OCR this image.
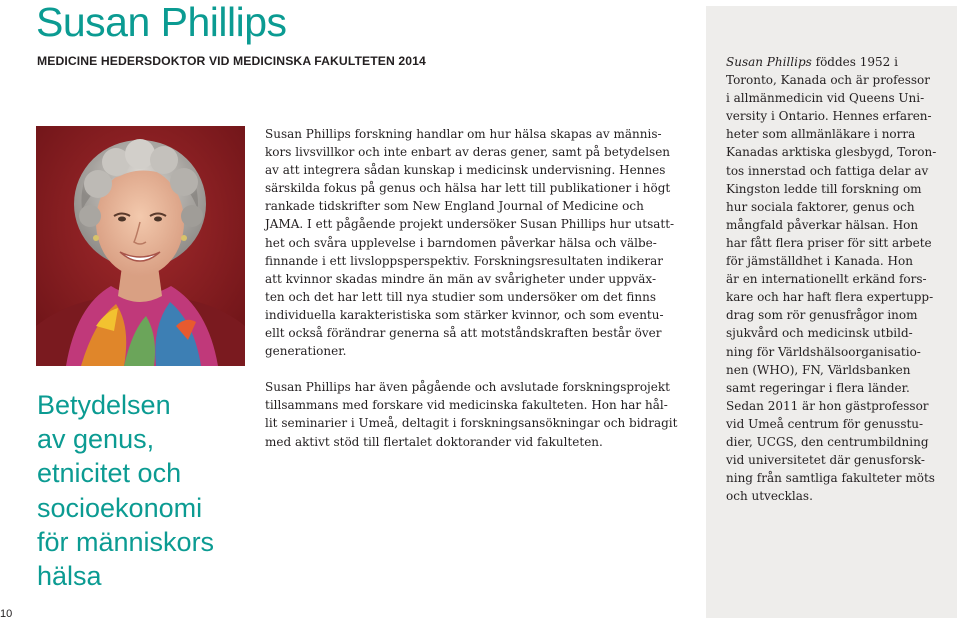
Susan Phillips
MEDICINE HEDERSDOKTOR VID MEDICINSKA FAKULTETEN 2014
Betydelsen
av genus,
etnicitet och
socioekonomi
för människors
hälsa

Susan Phillips forskning handlar om hur hälsa skapas av männis-
kors livsvillkor och inte enbart av deras gener, samt på betydelsen
av att integrera sådan kunskap i medicinsk undervisning. Hennes
särskilda fokus på genus och hälsa har lett till publikationer i högt
rankade tidskrifter som New England Journal of Medicine och
JAMA. I ett pågående projekt undersöker Susan Phillips hur utsatt-
het och svåra upplevelse i barndomen påverkar hälsa och välbe-
finnande i ett livsloppsperspektiv. Forskningsresultaten indikerar
att kvinnor skadas mindre än män av svårigheter under uppväx-
ten och det har lett till nya studier som undersöker om det finns
individuella karakteristiska som stärker kvinnor, och som eventu-
ellt också förändrar generna så att motståndskraften består över
generationer.

Susan Phillips har även pågående och avslutade forskningsprojekt
tillsammans med forskare vid medicinska fakulteten. Hon har hål-
lit seminarier i Umeå, deltagit i forskningsansökningar och bidragit
med aktivt stöd till flertalet doktorander vid fakulteten.

Susan Phillips föddes 1952 i
Toronto, Kanada och är professor
i allmänmedicin vid Queens Uni-
versity i Ontario. Hennes erfaren-
heter som allmänläkare i norra
Kanadas arktiska glesbygd, Toron-
tos innerstad och fattiga delar av
Kingston ledde till forskning om
hur sociala faktorer, genus och
mångfald påverkar hälsan. Hon
har fått flera priser för sitt arbete
för jämställdhet i Kanada. Hon
är en internationellt erkänd fors-
kare och har haft flera expertupp-
drag som rör genusfrågor inom
sjukvård och medicinsk utbild-
ning för Världshälsoorganisatio-
nen (WHO), FN, Världsbanken
samt regeringar i flera länder.
Sedan 2011 är hon gästprofessor
vid Umeå centrum för genusstu-
dier, UCGS, den centrumbildning
vid universitetet där genusforsk-
ning från samtliga fakulteter möts
och utvecklas.
10
